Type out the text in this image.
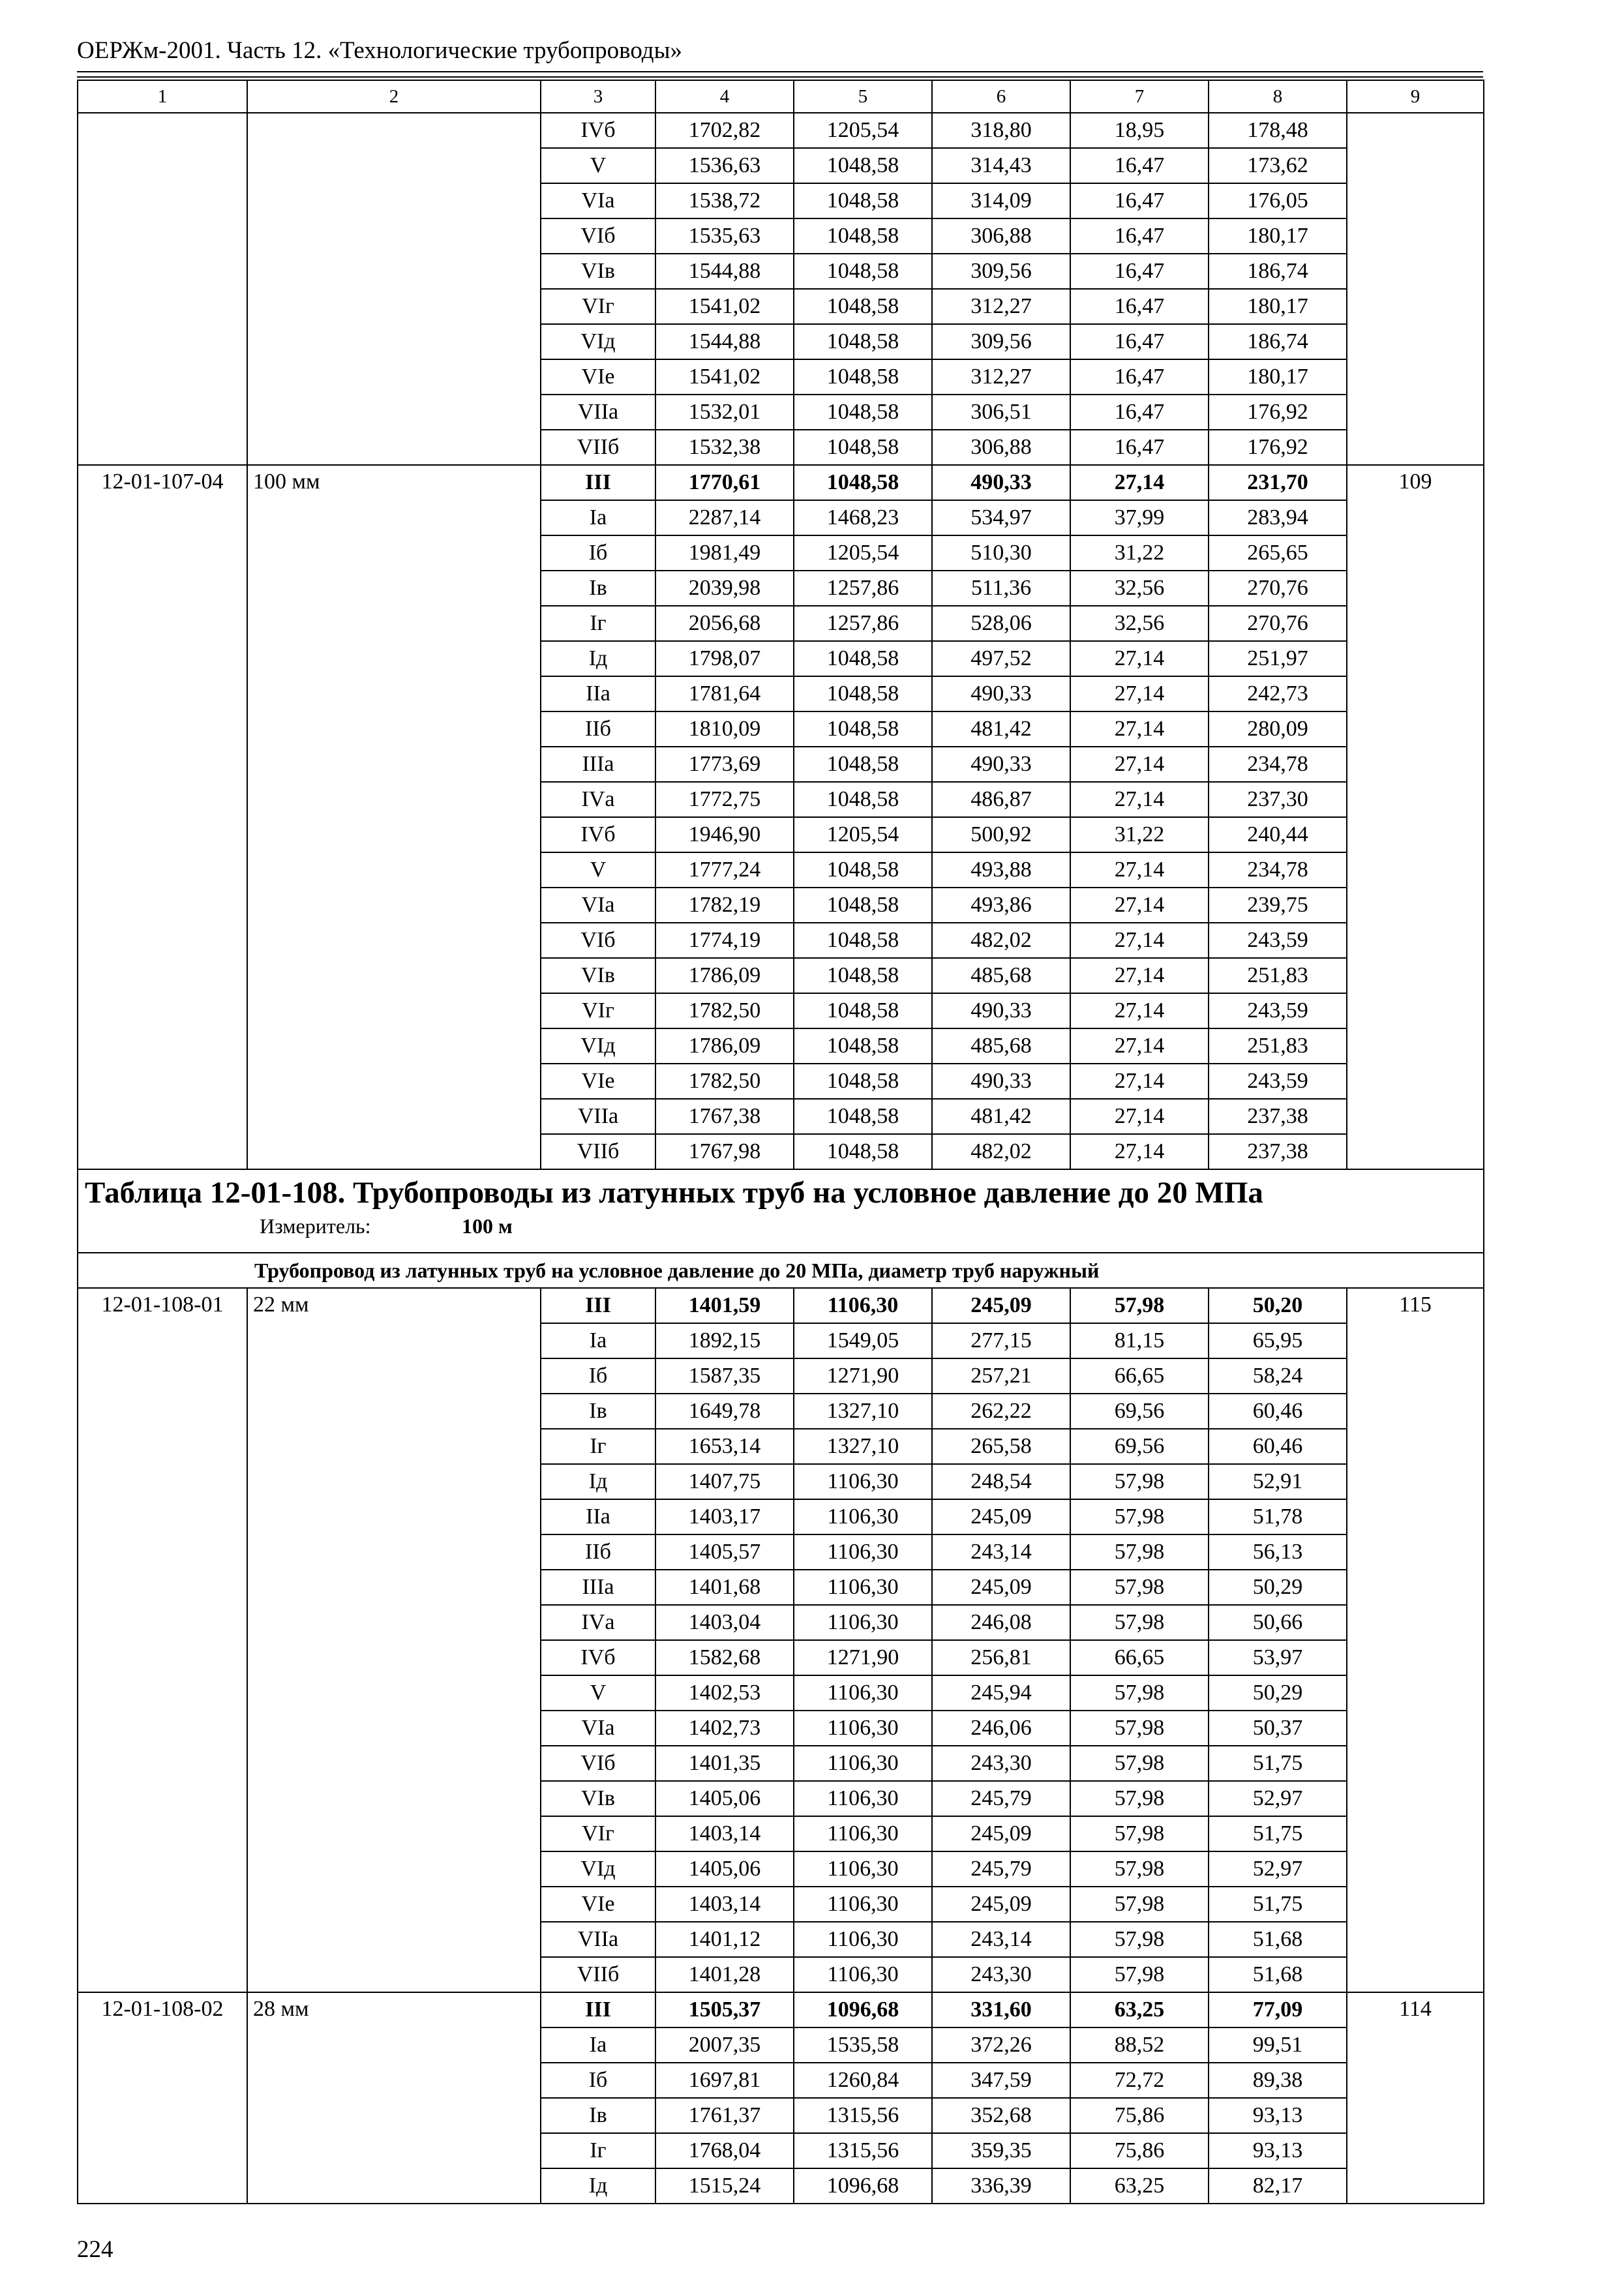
ОЕРЖм-2001. Часть 12. «Технологические трубопроводы»
1	2	3	4	5	6	7	8	9
		IVб	1702,82	1205,54	318,80	18,95	178,48	
		V	1536,63	1048,58	314,43	16,47	173,62	
		VIа	1538,72	1048,58	314,09	16,47	176,05	
		VIб	1535,63	1048,58	306,88	16,47	180,17	
		VIв	1544,88	1048,58	309,56	16,47	186,74	
		VIг	1541,02	1048,58	312,27	16,47	180,17	
		VIд	1544,88	1048,58	309,56	16,47	186,74	
		VIе	1541,02	1048,58	312,27	16,47	180,17	
		VIIа	1532,01	1048,58	306,51	16,47	176,92	
		VIIб	1532,38	1048,58	306,88	16,47	176,92	
12-01-107-04	100 мм	III	1770,61	1048,58	490,33	27,14	231,70	109
		Iа	2287,14	1468,23	534,97	37,99	283,94	
		Iб	1981,49	1205,54	510,30	31,22	265,65	
		Iв	2039,98	1257,86	511,36	32,56	270,76	
		Iг	2056,68	1257,86	528,06	32,56	270,76	
		Iд	1798,07	1048,58	497,52	27,14	251,97	
		IIа	1781,64	1048,58	490,33	27,14	242,73	
		IIб	1810,09	1048,58	481,42	27,14	280,09	
		IIIа	1773,69	1048,58	490,33	27,14	234,78	
		IVа	1772,75	1048,58	486,87	27,14	237,30	
		IVб	1946,90	1205,54	500,92	31,22	240,44	
		V	1777,24	1048,58	493,88	27,14	234,78	
		VIа	1782,19	1048,58	493,86	27,14	239,75	
		VIб	1774,19	1048,58	482,02	27,14	243,59	
		VIв	1786,09	1048,58	485,68	27,14	251,83	
		VIг	1782,50	1048,58	490,33	27,14	243,59	
		VIд	1786,09	1048,58	485,68	27,14	251,83	
		VIе	1782,50	1048,58	490,33	27,14	243,59	
		VIIа	1767,38	1048,58	481,42	27,14	237,38	
		VIIб	1767,98	1048,58	482,02	27,14	237,38	

Таблица 12-01-108. Трубопроводы из латунных труб на условное давление до 20 МПа
Измеритель: 100 м								

Трубопровод из латунных труб на условное давление до 20 МПа, диаметр труб наружный								
12-01-108-01	22 мм	III	1401,59	1106,30	245,09	57,98	50,20	115
		Iа	1892,15	1549,05	277,15	81,15	65,95	
		Iб	1587,35	1271,90	257,21	66,65	58,24	
		Iв	1649,78	1327,10	262,22	69,56	60,46	
		Iг	1653,14	1327,10	265,58	69,56	60,46	
		Iд	1407,75	1106,30	248,54	57,98	52,91	
		IIа	1403,17	1106,30	245,09	57,98	51,78	
		IIб	1405,57	1106,30	243,14	57,98	56,13	
		IIIа	1401,68	1106,30	245,09	57,98	50,29	
		IVа	1403,04	1106,30	246,08	57,98	50,66	
		IVб	1582,68	1271,90	256,81	66,65	53,97	
		V	1402,53	1106,30	245,94	57,98	50,29	
		VIа	1402,73	1106,30	246,06	57,98	50,37	
		VIб	1401,35	1106,30	243,30	57,98	51,75	
		VIв	1405,06	1106,30	245,79	57,98	52,97	
		VIг	1403,14	1106,30	245,09	57,98	51,75	
		VIд	1405,06	1106,30	245,79	57,98	52,97	
		VIе	1403,14	1106,30	245,09	57,98	51,75	
		VIIа	1401,12	1106,30	243,14	57,98	51,68	
		VIIб	1401,28	1106,30	243,30	57,98	51,68	
12-01-108-02	28 мм	III	1505,37	1096,68	331,60	63,25	77,09	114
		Iа	2007,35	1535,58	372,26	88,52	99,51	
		Iб	1697,81	1260,84	347,59	72,72	89,38	
		Iв	1761,37	1315,56	352,68	75,86	93,13	
		Iг	1768,04	1315,56	359,35	75,86	93,13	
		Iд	1515,24	1096,68	336,39	63,25	82,17	
224
